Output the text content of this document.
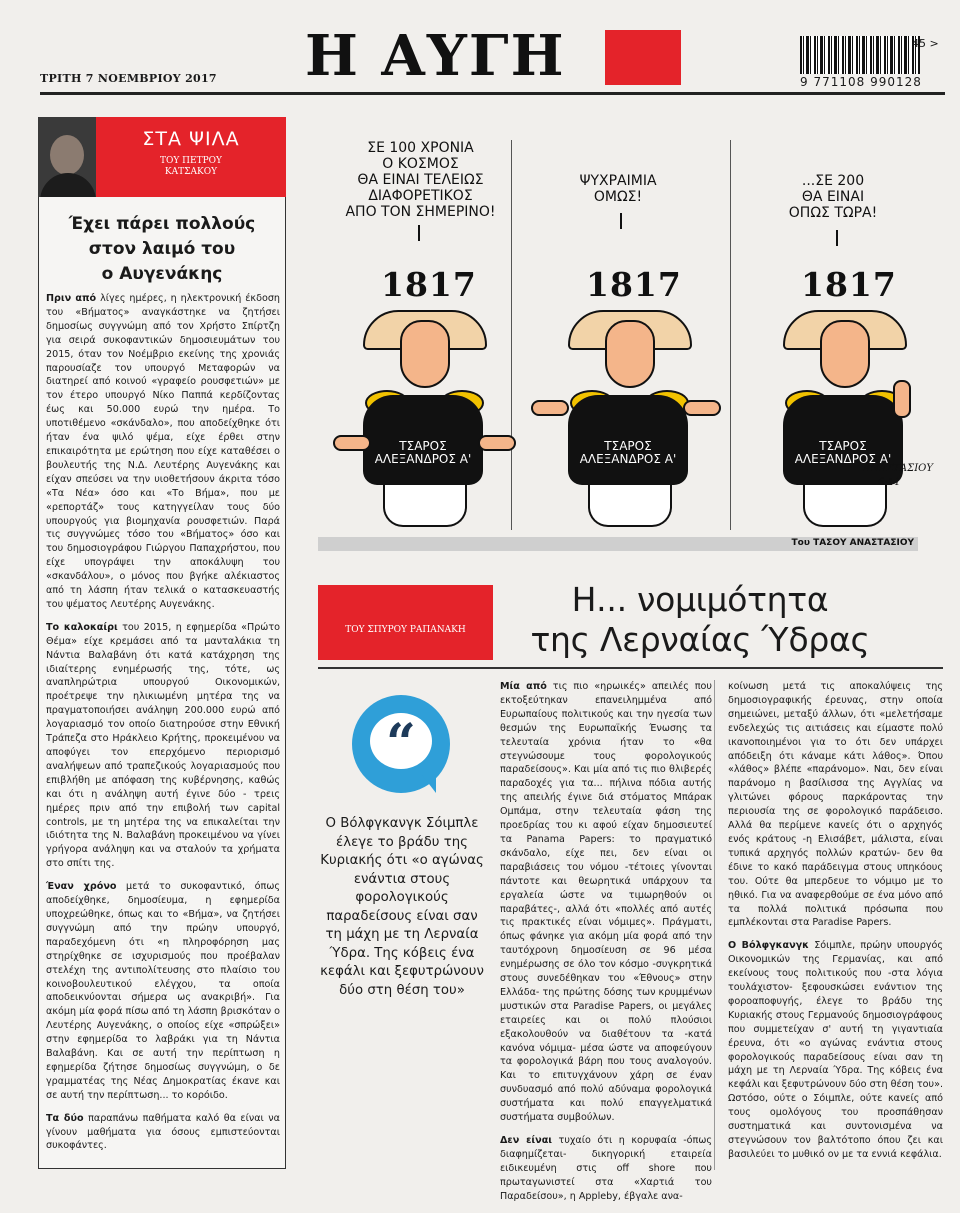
Η ΑΥΓΗ
ΤΡΙΤΗ 7 ΝΟΕΜΒΡΙΟΥ 2017	9 771108 990128
45 >
ΣΤΑ ΨΙΛΑ
ΤΟΥ ΠΕΤΡΟΥ
ΚΑΤΣΑΚΟΥ
Έχει πάρει πολλούς
στον λαιμό του
ο Αυγενάκης

Πριν από λίγες ημέρες, η ηλεκτρονική έκδοση του «Βήματος» αναγκάστηκε να ζητήσει δημοσίως συγγνώμη από τον Χρήστο Σπίρτζη για σειρά συκοφαντικών δημοσιευμάτων του 2015, όταν τον Νοέμβριο εκείνης της χρονιάς παρουσίαζε τον υπουργό Μεταφορών να διατηρεί από κοινού «γραφείο ρουσφετιών» με τον έτερο υπουργό Νίκο Παππά κερδίζοντας έως και 50.000 ευρώ την ημέρα. Το υποτιθέμενο «σκάνδαλο», που αποδείχθηκε ότι ήταν ένα ψιλό ψέμα, είχε έρθει στην επικαιρότητα με ερώτηση που είχε καταθέσει ο βουλευτής της Ν.Δ. Λευτέρης Αυγενάκης και είχαν σπεύσει να την υιοθετήσουν άκριτα τόσο «Τα Νέα» όσο και «Το Βήμα», που με «ρεπορτάζ» τους κατηγγείλαν τους δύο υπουργούς για βιομηχανία ρουσφετιών. Παρά τις συγγνώμες τόσο του «Βήματος» όσο και του δημοσιογράφου Γιώργου Παπαχρήστου, που είχε υπογράψει την αποκάλυψη του «σκανδάλου», ο μόνος που βγήκε αλέκιαστος από τη λάσπη ήταν τελικά ο κατασκευαστής του ψέματος Λευτέρης Αυγενάκης.

Το καλοκαίρι του 2015, η εφημερίδα «Πρώτο Θέμα» είχε κρεμάσει από τα μανταλάκια τη Νάντια Βαλαβάνη ότι κατά κατάχρηση της ιδιαίτερης ενημέρωσής της, τότε, ως αναπληρώτρια υπουργού Οικονομικών, προέτρεψε την ηλικιωμένη μητέρα της να πραγματοποιήσει ανάληψη 200.000 ευρώ από λογαριασμό τον οποίο διατηρούσε στην Εθνική Τράπεζα στο Ηράκλειο Κρήτης, προκειμένου να αποφύγει τον επερχόμενο περιορισμό αναλήψεων από τραπεζικούς λογαριασμούς που επιβλήθη με απόφαση της κυβέρνησης, καθώς και ότι η ανάληψη αυτή έγινε δύο - τρεις ημέρες πριν από την επιβολή των capital controls, με τη μητέρα της να επικαλείται την ιδιότητα της Ν. Βαλαβάνη προκειμένου να γίνει γρήγορα ανάληψη και να σταλούν τα χρήματα στο σπίτι της.

Έναν χρόνο μετά το συκοφαντικό, όπως αποδείχθηκε, δημοσίευμα, η εφημερίδα υποχρεώθηκε, όπως και το «Βήμα», να ζητήσει συγγνώμη από την πρώην υπουργό, παραδεχόμενη ότι «η πληροφόρηση μας στηρίχθηκε σε ισχυρισμούς που προέβαλαν στελέχη της αντιπολίτευσης στο πλαίσιο του κοινοβουλευτικού ελέγχου, τα οποία αποδεικνύονται σήμερα ως ανακριβή». Για ακόμη μία φορά πίσω από τη λάσπη βρισκόταν ο Λευτέρης Αυγενάκης, ο οποίος είχε «σπρώξει» στην εφημερίδα το λαβράκι για τη Νάντια Βαλαβάνη. Και σε αυτή την περίπτωση η εφημερίδα ζήτησε δημοσίως συγγνώμη, ο δε γραμματέας της Νέας Δημοκρατίας έκανε και σε αυτή την περίπτωση... το κορόιδο.

Τα δύο παραπάνω παθήματα καλό θα είναι να γίνουν μαθήματα για όσους εμπιστεύονται συκοφάντες.

ΣΕ 100 ΧΡΟΝΙΑ
Ο ΚΟΣΜΟΣ
ΘΑ ΕΙΝΑΙ ΤΕΛΕΙΩΣ
ΔΙΑΦΟΡΕΤΙΚΟΣ
ΑΠΟ ΤΟΝ ΣΗΜΕΡΙΝΟ!
1817
ΤΣΑΡΟΣ
ΑΛΕΞΑΝΔΡΟΣ Α'
ΨΥΧΡΑΙΜΙΑ
ΟΜΩΣ!
1817
ΤΣΑΡΟΣ
ΑΛΕΞΑΝΔΡΟΣ Α'
...ΣΕ 200
ΘΑ ΕΙΝΑΙ
ΟΠΩΣ ΤΩΡΑ!
1817
ΤΣΑΡΟΣ
ΑΛΕΞΑΝΔΡΟΣ Α'
ΑΝΑΣΤΑΣΙΟΥ
6-11
Του ΤΑΣΟΥ ΑΝΑΣΤΑΣΙΟΥ
ΤΟΥ ΣΠΥΡΟΥ ΡΑΠΑΝΑΚΗ
Η... νομιμότητα
της Λερναίας Ύδρας
“
Ο Βόλφγκανγκ Σόιμπλε έλεγε το βράδυ της Κυριακής ότι «ο αγώνας ενάντια στους φορολογικούς παραδείσους είναι σαν τη μάχη με τη Λερναία Ύδρα. Της κόβεις ένα κεφάλι και ξεφυτρώνουν δύο στη θέση του»

Μία από τις πιο «ηρωικές» απειλές που εκτοξεύτηκαν επανειλημμένα από Ευρωπαίους πολιτικούς και την ηγεσία των θεσμών της Ευρωπαϊκής Ένωσης τα τελευταία χρόνια ήταν το «θα στεγνώσουμε τους φορολογικούς παραδείσους». Και μία από τις πιο θλιβερές παραδοχές για τα... πήλινα πόδια αυτής της απειλής έγινε διά στόματος Μπάρακ Ομπάμα, στην τελευταία φάση της προεδρίας του κι αφού είχαν δημοσιευτεί τα Panama Papers: το πραγματικό σκάνδαλο, είχε πει, δεν είναι οι παραβιάσεις του νόμου -τέτοιες γίνονται πάντοτε και θεωρητικά υπάρχουν τα εργαλεία ώστε να τιμωρηθούν οι παραβάτες-, αλλά ότι «πολλές από αυτές τις πρακτικές είναι νόμιμες». Πράγματι, όπως φάνηκε για ακόμη μία φορά από την ταυτόχρονη δημοσίευση σε 96 μέσα ενημέρωσης σε όλο τον κόσμο -συγκρητικά στους συνεδέθηκαν του «Έθνους» στην Ελλάδα- της πρώτης δόσης των κρυμμένων μυστικών στα Paradise Papers, οι μεγάλες εταιρείες και οι πολύ πλούσιοι εξακολουθούν να διαθέτουν τα -κατά κανόνα νόμιμα- μέσα ώστε να αποφεύγουν τα φορολογικά βάρη που τους αναλογούν. Και το επιτυγχάνουν χάρη σε έναν συνδυασμό από πολύ αδύναμα φορολογικά συστήματα και πολύ επαγγελματικά συστήματα συμβούλων.

Δεν είναι τυχαίο ότι η κορυφαία -όπως διαφημίζεται- δικηγορική εταιρεία ειδικευμένη στις off shore που πρωταγωνιστεί στα «Χαρτιά του Παραδείσου», η Appleby, έβγαλε ανα-

κοίνωση μετά τις αποκαλύψεις της δημοσιογραφικής έρευνας, στην οποία σημειώνει, μεταξύ άλλων, ότι «μελετήσαμε ενδελεχώς τις αιτιάσεις και είμαστε πολύ ικανοποιημένοι για το ότι δεν υπάρχει απόδειξη ότι κάναμε κάτι λάθος». Όπου «λάθος» βλέπε «παράνομο». Ναι, δεν είναι παράνομο η βασίλισσα της Αγγλίας να γλιτώνει φόρους παρκάροντας την περιουσία της σε φορολογικό παράδεισο. Αλλά θα περίμενε κανείς ότι ο αρχηγός ενός κράτους -η Ελισάβετ, μάλιστα, είναι τυπικά αρχηγός πολλών κρατών- δεν θα έδινε το κακό παράδειγμα στους υπηκόους του. Ούτε θα μπερδευε το νόμιμο με το ηθικό. Για να αναφερθούμε σε ένα μόνο από τα πολλά πολιτικά πρόσωπα που εμπλέκονται στα Paradise Papers.

Ο Βόλφγκανγκ Σόιμπλε, πρώην υπουργός Οικονομικών της Γερμανίας, και από εκείνους τους πολιτικούς που -στα λόγια τουλάχιστον- ξεφουσκώσει ενάντιον της φοροαποφυγής, έλεγε το βράδυ της Κυριακής στους Γερμανούς δημοσιογράφους που συμμετείχαν σ' αυτή τη γιγαντιαία έρευνα, ότι «ο αγώνας ενάντια στους φορολογικούς παραδείσους είναι σαν τη μάχη με τη Λερναία Ύδρα. Της κόβεις ένα κεφάλι και ξεφυτρώνουν δύο στη θέση του». Ωστόσο, ούτε ο Σόιμπλε, ούτε κανείς από τους ομολόγους του προσπάθησαν συστηματικά και συντονισμένα να στεγνώσουν τον βαλτότοπο όπου ζει και βασιλεύει το μυθικό ον με τα εννιά κεφάλια.
